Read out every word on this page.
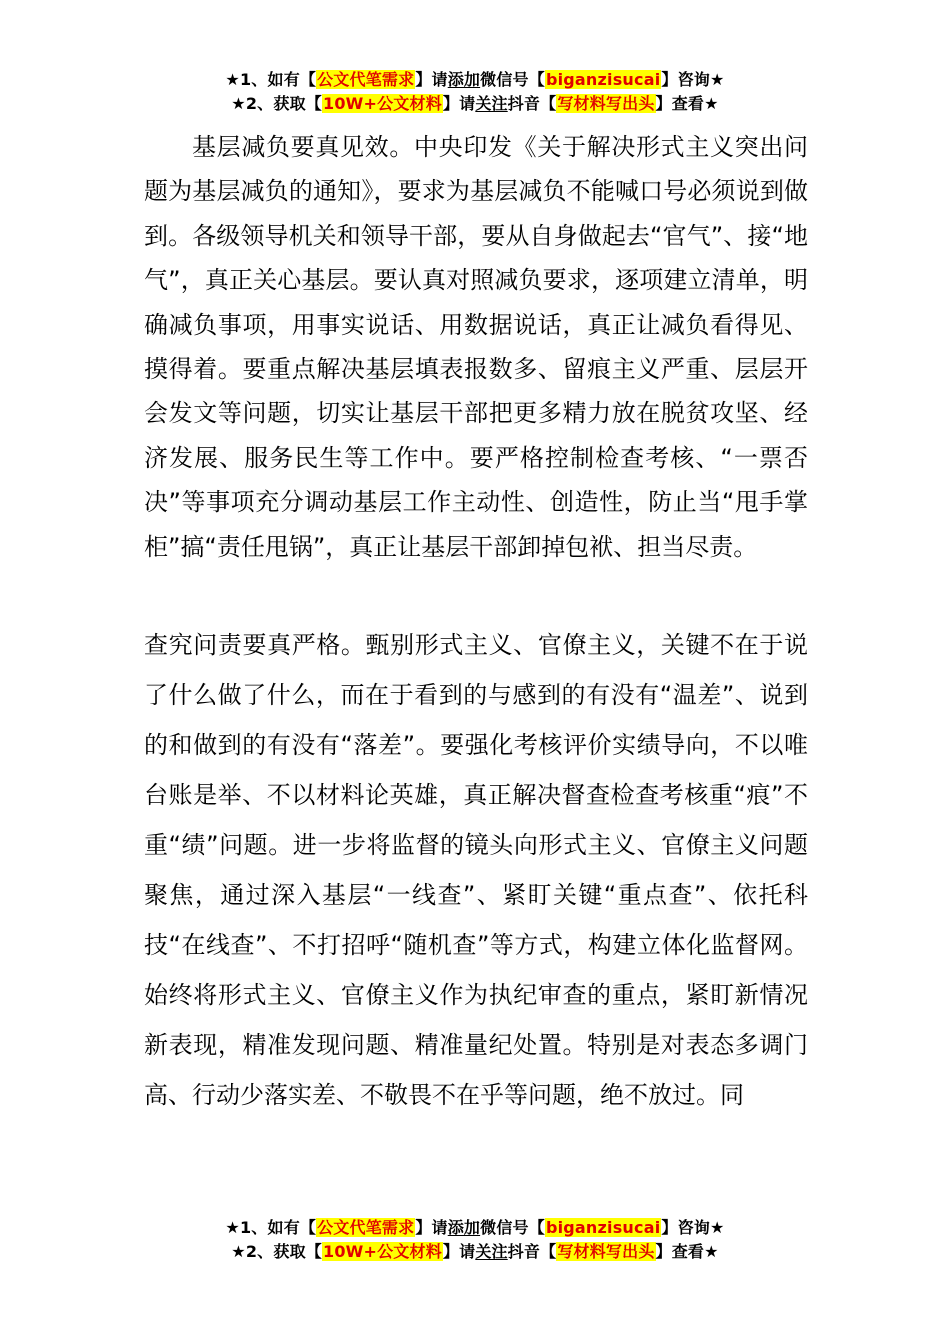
★1、如有【公文代笔需求】请添加微信号【biganzisucai】咨询★
★2、获取【10W+公文材料】请关注抖音【写材料写出头】查看★
基层减负要真见效。中央印发《关于解决形式主义突出问题为基层减负的通知》，要求为基层减负不能喊口号必须说到做到。各级领导机关和领导干部，要从自身做起去“官气”、接“地气”，真正关心基层。要认真对照减负要求，逐项建立清单，明确减负事项，用事实说话、用数据说话，真正让减负看得见、摸得着。要重点解决基层填表报数多、留痕主义严重、层层开会发文等问题，切实让基层干部把更多精力放在脱贫攻坚、经济发展、服务民生等工作中。要严格控制检查考核、“一票否决”等事项充分调动基层工作主动性、创造性，防止当“甩手掌柜”搞“责任甩锅”，真正让基层干部卸掉包袱、担当尽责。
查究问责要真严格。甄别形式主义、官僚主义，关键不在于说了什么做了什么，而在于看到的与感到的有没有“温差”、说到的和做到的有没有“落差”。要强化考核评价实绩导向，不以唯台账是举、不以材料论英雄，真正解决督查检查考核重“痕”不重“绩”问题。进一步将监督的镜头向形式主义、官僚主义问题聚焦，通过深入基层“一线查”、紧盯关键“重点查”、依托科技“在线查”、不打招呼“随机查”等方式，构建立体化监督网。始终将形式主义、官僚主义作为执纪审查的重点，紧盯新情况新表现，精准发现问题、精准量纪处置。特别是对表态多调门高、行动少落实差、不敬畏不在乎等问题，绝不放过。同
★1、如有【公文代笔需求】请添加微信号【biganzisucai】咨询★
★2、获取【10W+公文材料】请关注抖音【写材料写出头】查看★
